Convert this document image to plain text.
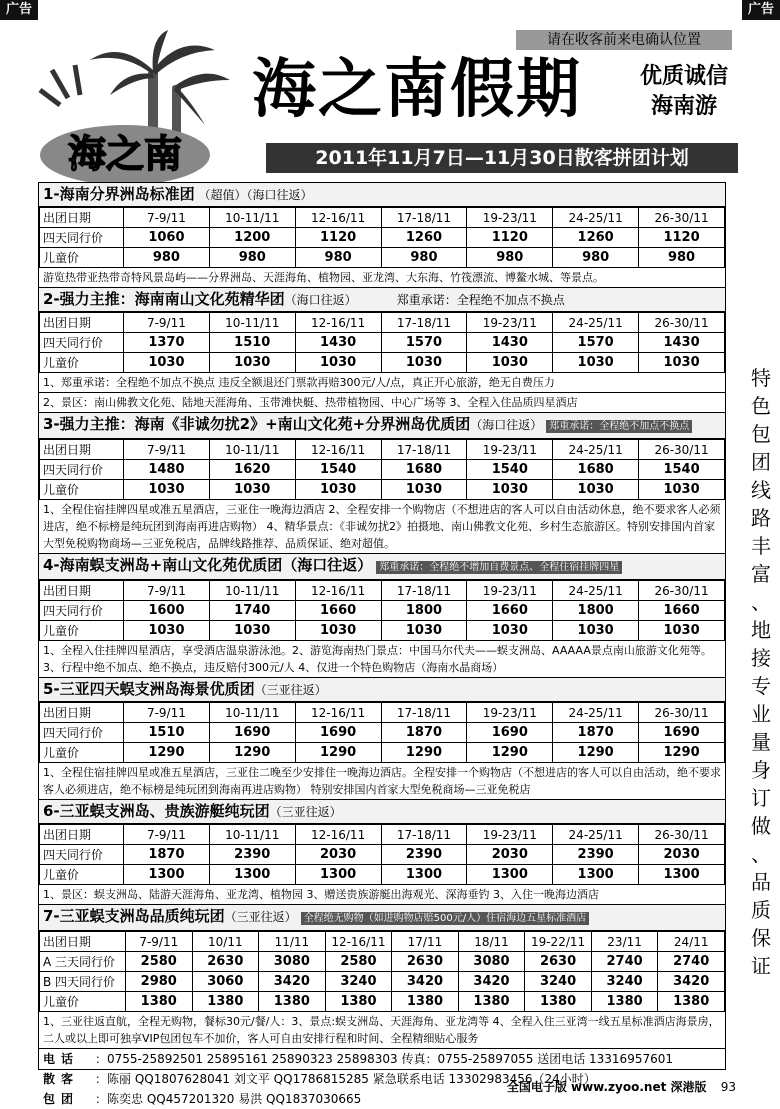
广告	广告
请在收客前来电确认位置
海之南
海之南假期	优质诚信
海南游
2011年11月7日—11月30日散客拼团计划
1-海南分界洲岛标准团 （超值）（海口往返）
出团日期	7-9/11	10-11/11	12-16/11	17-18/11	19-23/11	24-25/11	26-30/11
四天同行价	1060	1200	1120	1260	1120	1260	1120
儿童价	980	980	980	980	980	980	980
游览热带亚热带奇特风景岛屿——分界洲岛、天涯海角、植物园、亚龙湾、大东海、竹筏漂流、博鳌水城、等景点。
2-强力主推：海南南山文化苑精华团（海口往返）	郑重承诺：全程绝不加点不换点
出团日期	7-9/11	10-11/11	12-16/11	17-18/11	19-23/11	24-25/11	26-30/11
四天同行价	1370	1510	1430	1570	1430	1570	1430
儿童价	1030	1030	1030	1030	1030	1030	1030
1、郑重承诺：全程绝不加点不换点 违反全额退还门票款再赔300元/人/点，真正开心旅游，绝无自费压力
2、景区：南山佛教文化苑、陆地天涯海角、玉带滩快艇、热带植物园、中心广场等 3、全程入住品质四星酒店
3-强力主推：海南《非诚勿扰2》+南山文化苑+分界洲岛优质团（海口往返） 郑重承诺：全程绝不加点不换点
出团日期	7-9/11	10-11/11	12-16/11	17-18/11	19-23/11	24-25/11	26-30/11
四天同行价	1480	1620	1540	1680	1540	1680	1540
儿童价	1030	1030	1030	1030	1030	1030	1030
1、全程住宿挂牌四星或准五星酒店，三亚住一晚海边酒店 2、全程安排一个购物店（不想进店的客人可以自由活动休息，绝不要求客人必须进店，绝不标榜是纯玩团到海南再进店购物） 4、精华景点：《非诚勿扰2》拍摄地、南山佛教文化苑、乡村生态旅游区。特别安排国内首家大型免税购物商场—三亚免税店，品牌线路推荐、品质保证、绝对超值。
4-海南蜈支洲岛+南山文化苑优质团（海口往返） 郑重承诺：全程绝不增加自费景点、全程住宿挂牌四星
出团日期	7-9/11	10-11/11	12-16/11	17-18/11	19-23/11	24-25/11	26-30/11
四天同行价	1600	1740	1660	1800	1660	1800	1660
儿童价	1030	1030	1030	1030	1030	1030	1030
1、全程入住挂牌四星酒店，享受酒店温泉游泳池。2、游览海南热门景点：中国马尔代夫——蜈支洲岛、AAAAA景点南山旅游文化苑等。3、行程中绝不加点、绝不换点，违反赔付300元/人 4、仅进一个特色购物店（海南水晶商场）
5-三亚四天蜈支洲岛海景优质团（三亚往返）
出团日期	7-9/11	10-11/11	12-16/11	17-18/11	19-23/11	24-25/11	26-30/11
四天同行价	1510	1690	1690	1870	1690	1870	1690
儿童价	1290	1290	1290	1290	1290	1290	1290
1、全程住宿挂牌四星或准五星酒店，三亚住二晚至少安排住一晚海边酒店。全程安排一个购物店（不想进店的客人可以自由活动，绝不要求客人必须进店，绝不标榜是纯玩团到海南再进店购物） 特别安排国内首家大型免税商场—三亚免税店
6-三亚蜈支洲岛、贵族游艇纯玩团（三亚往返）
出团日期	7-9/11	10-11/11	12-16/11	17-18/11	19-23/11	24-25/11	26-30/11
四天同行价	1870	2390	2030	2390	2030	2390	2030
儿童价	1300	1300	1300	1300	1300	1300	1300
1、景区：蜈支洲岛、陆游天涯海角、亚龙湾、植物园 3、赠送贵族游艇出海观光、深海垂钓 3、入住一晚海边酒店
7-三亚蜈支洲岛品质纯玩团（三亚往返） 全程绝无购物（如进购物店赔500元/人）住宿海边五星标准酒店
出团日期	7-9/11	10/11	11/11	12-16/11	17/11	18/11	19-22/11	23/11	24/11
A 三天同行价	2580	2630	3080	2580	2630	3080	2630	2740	2740
B 四天同行价	2980	3060	3420	3240	3420	3420	3240	3240	3420
儿童价	1380	1380	1380	1380	1380	1380	1380	1380	1380
1、三亚往返直航，全程无购物，餐标30元/餐/人：3、景点:蜈支洲岛、天涯海角、亚龙湾等 4、全程入住三亚湾一线五星标准酒店海景房，二人或以上即可独享VIP包团包车不加价，客人可自由安排行程和时间、全程精细贴心服务
电话 ：0755-25892501 25895161 25890323 25898303 传真：0755-25897055 送团电话 13316957601
散客 ：陈丽 QQ1807628041 刘文平 QQ1786815285 紧急联系电话 13302983456（24小时）
包团 ：陈奕忠 QQ457201320 易洪 QQ1837030665
特
色
包
团
线
路
丰
富
、
地
接
专
业
量
身
订
做
、
品
质
保
证
全国电子版 www.zyoo.net 深港版 93
